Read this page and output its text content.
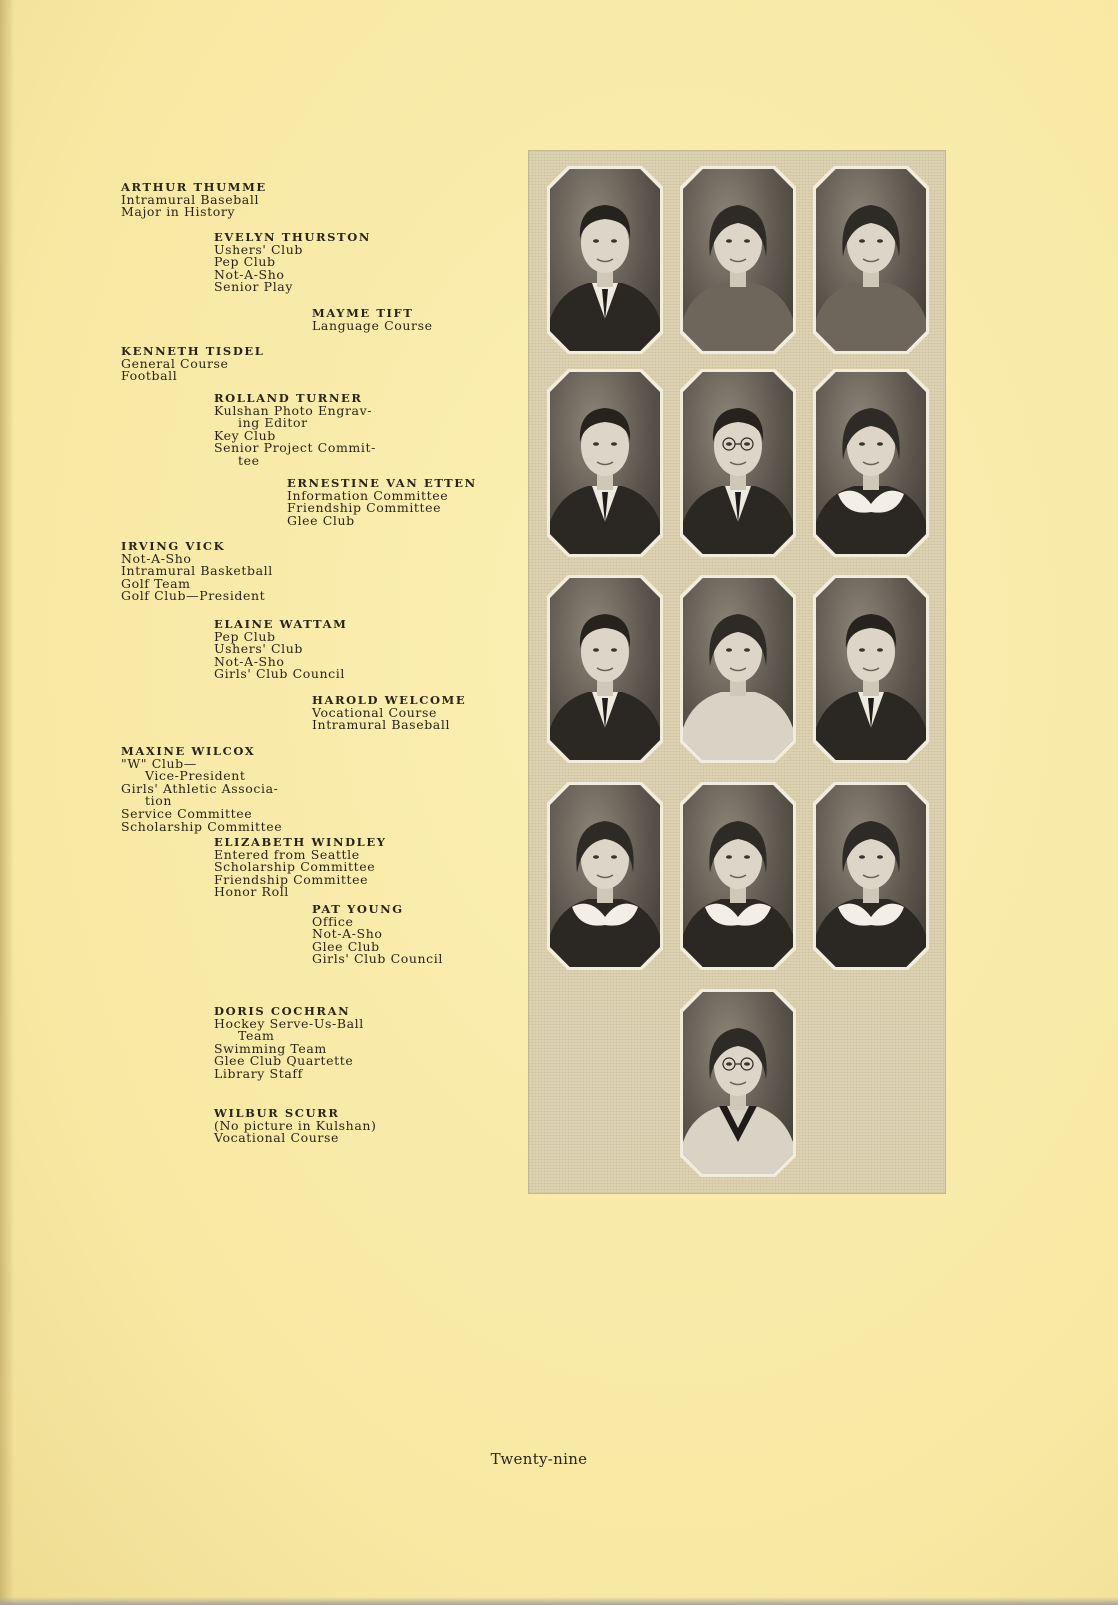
ARTHUR THUMME
Intramural Baseball
Major in History
EVELYN THURSTON
Ushers' Club
Pep Club
Not-A-Sho
Senior Play
MAYME TIFT
Language Course
KENNETH TISDEL
General Course
Football
ROLLAND TURNER
Kulshan Photo Engrav-
ing Editor
Key Club
Senior Project Commit-
tee
ERNESTINE VAN ETTEN
Information Committee
Friendship Committee
Glee Club
IRVING VICK
Not-A-Sho
Intramural Basketball
Golf Team
Golf Club—President
ELAINE WATTAM
Pep Club
Ushers' Club
Not-A-Sho
Girls' Club Council
HAROLD WELCOME
Vocational Course
Intramural Baseball
MAXINE WILCOX
"W" Club—
Vice-President
Girls' Athletic Associa-
tion
Service Committee
Scholarship Committee
ELIZABETH WINDLEY
Entered from Seattle
Scholarship Committee
Friendship Committee
Honor Roll
PAT YOUNG
Office
Not-A-Sho
Glee Club
Girls' Club Council
DORIS COCHRAN
Hockey Serve-Us-Ball
Team
Swimming Team
Glee Club Quartette
Library Staff
WILBUR SCURR
(No picture in Kulshan)
Vocational Course
Twenty-nine
